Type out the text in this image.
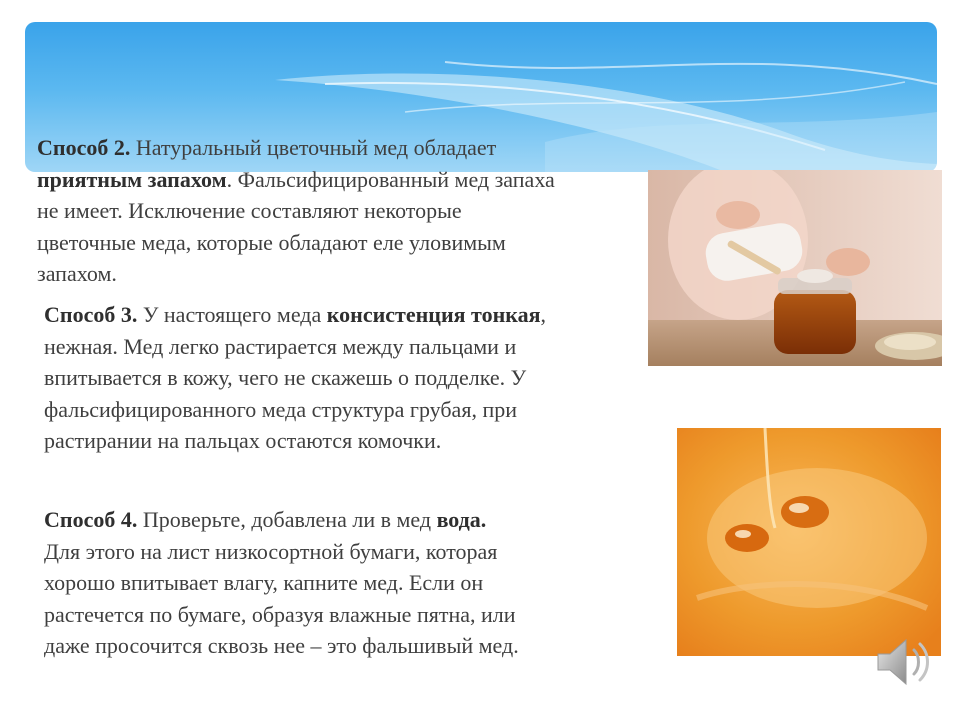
Способ 2. Натуральный цветочный мед обладает
приятным запахом. Фальсифицированный мед запаха
не имеет. Исключение составляют некоторые
цветочные меда, которые обладают еле уловимым
запахом.
Способ 3. У настоящего меда консистенция тонкая,
нежная. Мед легко растирается между пальцами и
впитывается в кожу, чего не скажешь о подделке. У
фальсифицированного меда структура грубая, при
растирании на пальцах остаются комочки.
Способ 4. Проверьте, добавлена ли в мед вода.
Для этого на лист низкосортной бумаги, которая
хорошо впитывает влагу, капните мед. Если он
растечется по бумаге, образуя влажные пятна, или
даже просочится сквозь нее – это фальшивый мед.
